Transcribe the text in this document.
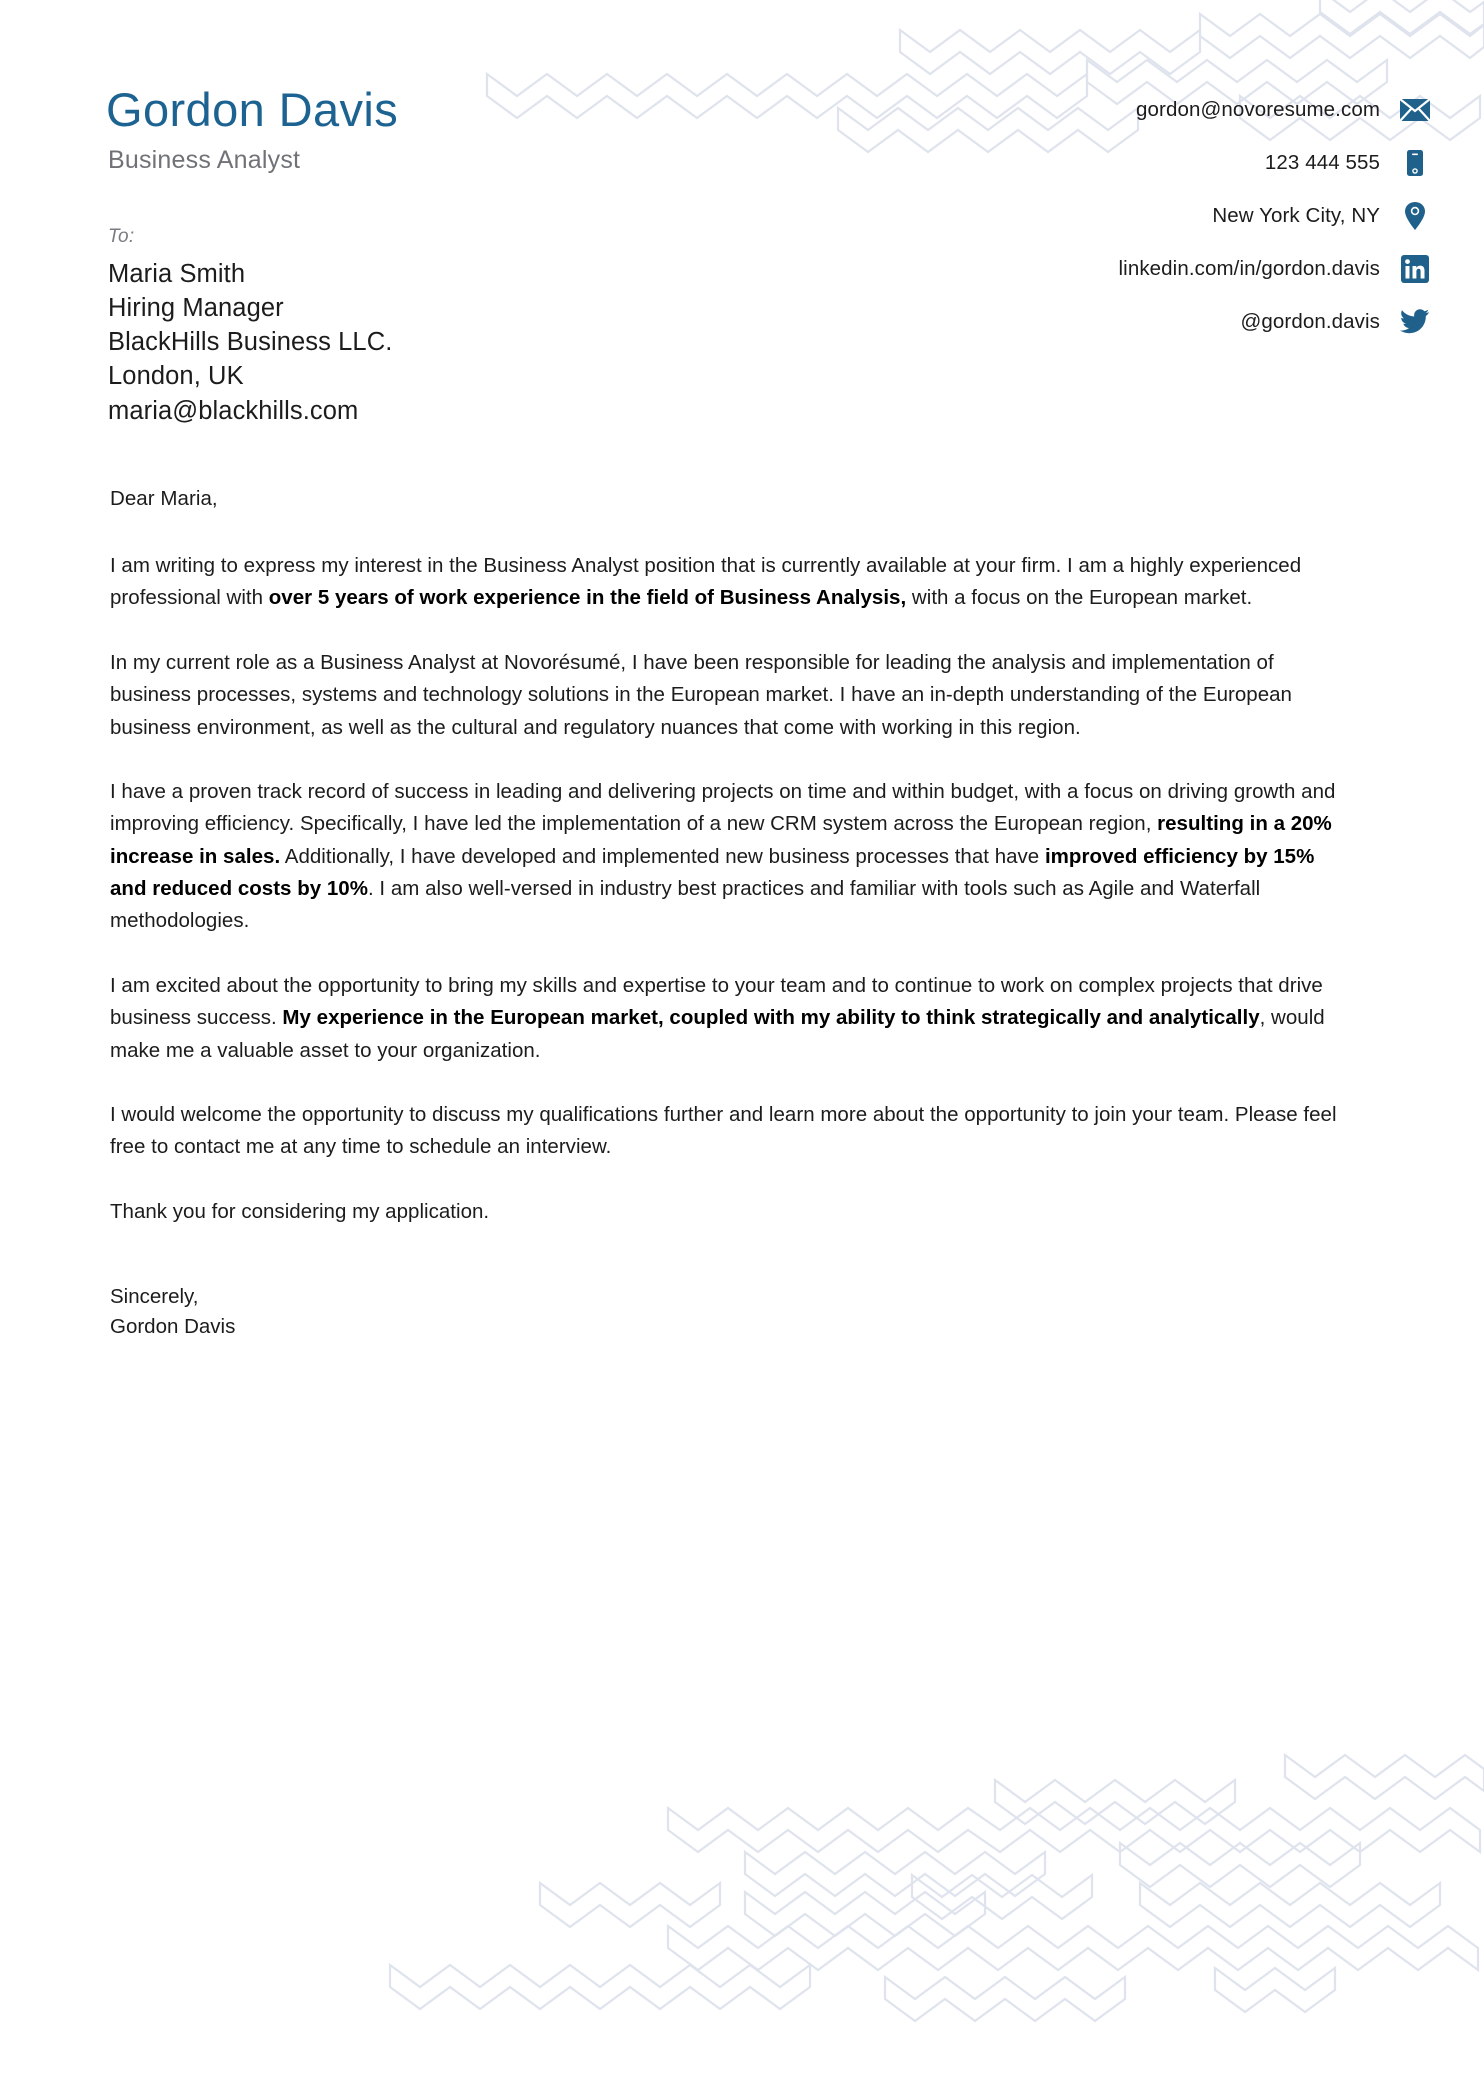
Gordon Davis
Business Analyst
gordon@novoresume.com
123 444 555
New York City, NY
linkedin.com/in/gordon.davis
@gordon.davis
To:
Maria Smith
Hiring Manager
BlackHills Business LLC.
London, UK
maria@blackhills.com
Dear Maria,
I am writing to express my interest in the Business Analyst position that is currently available at your firm. I am a highly experienced professional with over 5 years of work experience in the field of Business Analysis, with a focus on the European market.
In my current role as a Business Analyst at Novorésumé, I have been responsible for leading the analysis and implementation of business processes, systems and technology solutions in the European market. I have an in-depth understanding of the European business environment, as well as the cultural and regulatory nuances that come with working in this region.
I have a proven track record of success in leading and delivering projects on time and within budget, with a focus on driving growth and improving efficiency. Specifically, I have led the implementation of a new CRM system across the European region, resulting in a 20% increase in sales. Additionally, I have developed and implemented new business processes that have improved efficiency by 15% and reduced costs by 10%. I am also well-versed in industry best practices and familiar with tools such as Agile and Waterfall methodologies.
I am excited about the opportunity to bring my skills and expertise to your team and to continue to work on complex projects that drive business success. My experience in the European market, coupled with my ability to think strategically and analytically, would make me a valuable asset to your organization.
I would welcome the opportunity to discuss my qualifications further and learn more about the opportunity to join your team. Please feel free to contact me at any time to schedule an interview.
Thank you for considering my application.
Sincerely,
Gordon Davis
